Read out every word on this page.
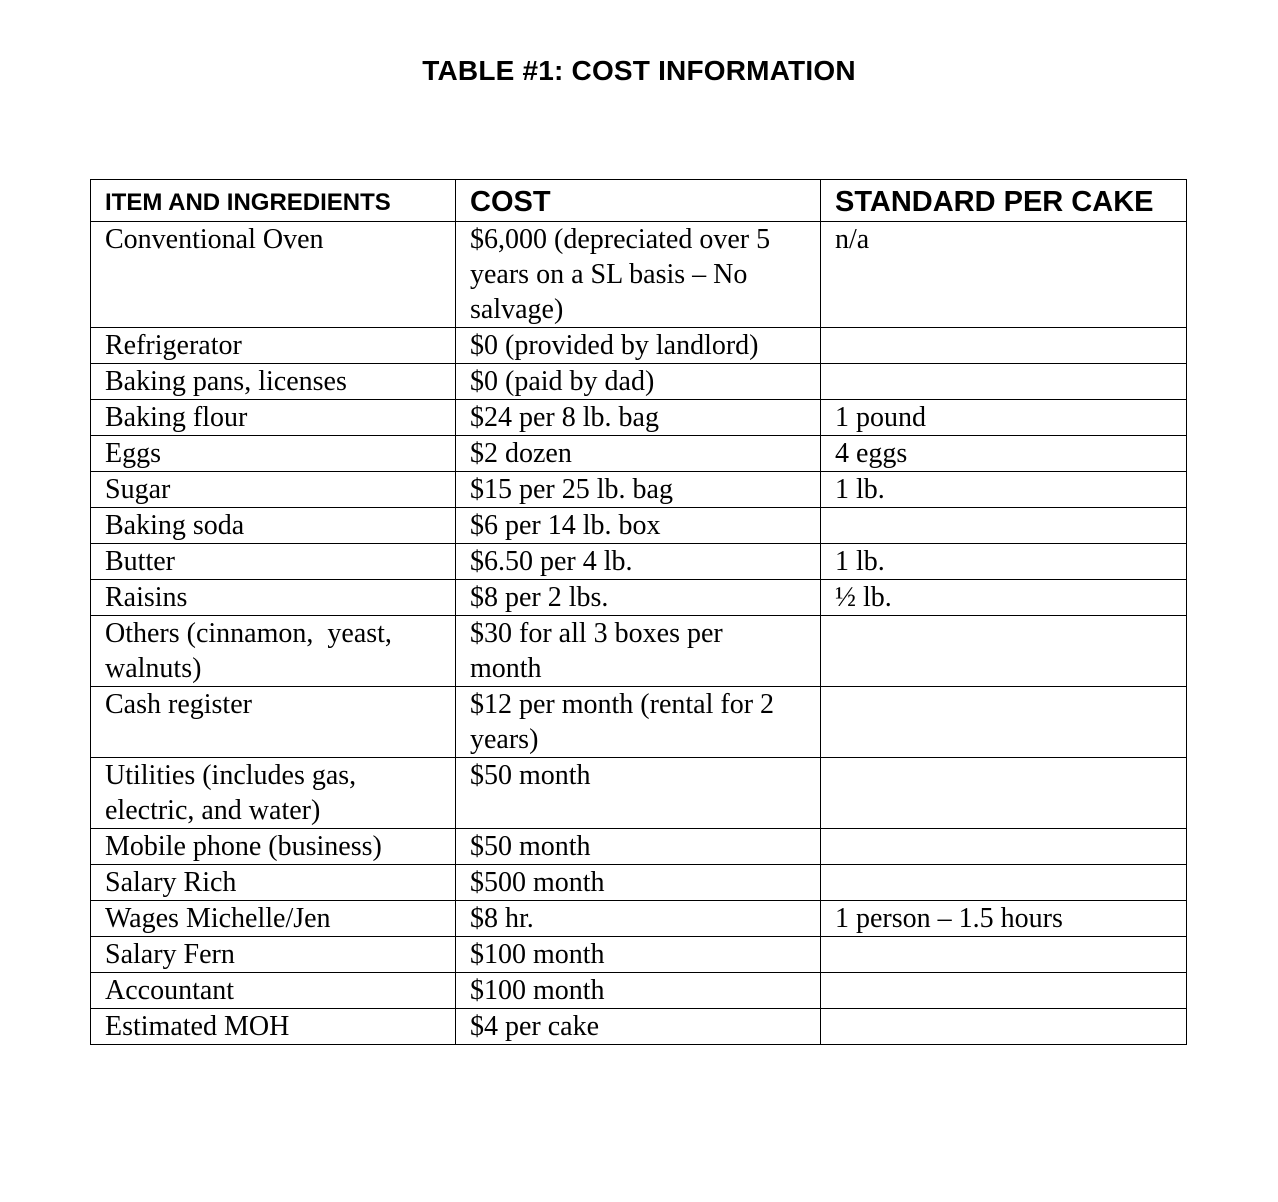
TABLE #1: COST INFORMATION
ITEM AND INGREDIENTS	COST	STANDARD PER CAKE
Conventional Oven	$6,000 (depreciated over 5 years on a SL basis – No salvage)	n/a
Refrigerator	$0 (provided by landlord)	
Baking pans, licenses	$0 (paid by dad)	
Baking flour	$24 per 8 lb. bag	1 pound
Eggs	$2 dozen	4 eggs
Sugar	$15 per 25 lb. bag	1 lb.
Baking soda	$6 per 14 lb. box	
Butter	$6.50 per 4 lb.	1 lb.
Raisins	$8 per 2 lbs.	½ lb.
Others (cinnamon,  yeast, walnuts)	$30 for all 3 boxes per month	
Cash register	$12 per month (rental for 2 years)	
Utilities (includes gas, electric, and water)	$50 month	
Mobile phone (business)	$50 month	
Salary Rich	$500 month	
Wages Michelle/Jen	$8 hr.	1 person – 1.5 hours
Salary Fern	$100 month	
Accountant	$100 month	
Estimated MOH	$4 per cake	
